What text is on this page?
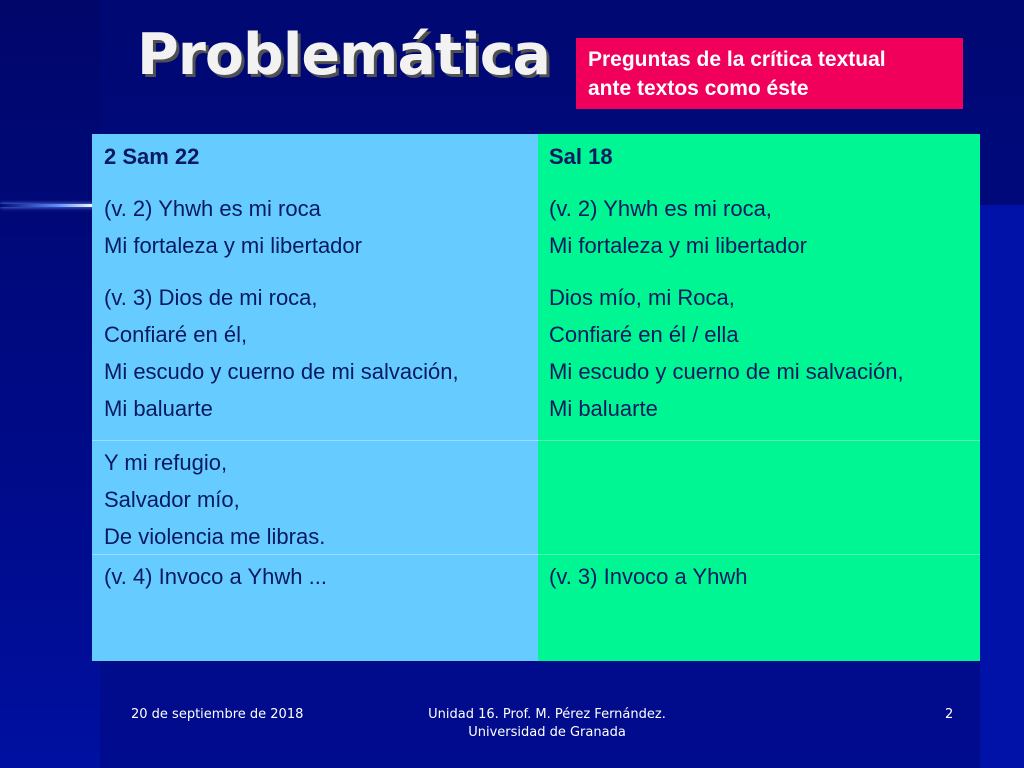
Problemática Preguntas de la crítica textual
ante textos como éste
2 Sam 22
(v. 2) Yhwh es mi roca
Mi fortaleza y mi libertador
(v. 3) Dios de mi roca,
Confiaré en él,
Mi escudo y cuerno de mi salvación,
Mi baluarte
Sal 18
(v. 2) Yhwh es mi roca,
Mi fortaleza y mi libertador
Dios mío, mi Roca,
Confiaré en él / ella
Mi escudo y cuerno de mi salvación,
Mi baluarte
Y mi refugio,
Salvador mío,
De violencia me libras.
(v. 4) Invoco a Yhwh ...	(v. 3) Invoco a Yhwh
20 de septiembre de 2018	Unidad 16. Prof. M. Pérez Fernández.
Universidad de Granada
2
